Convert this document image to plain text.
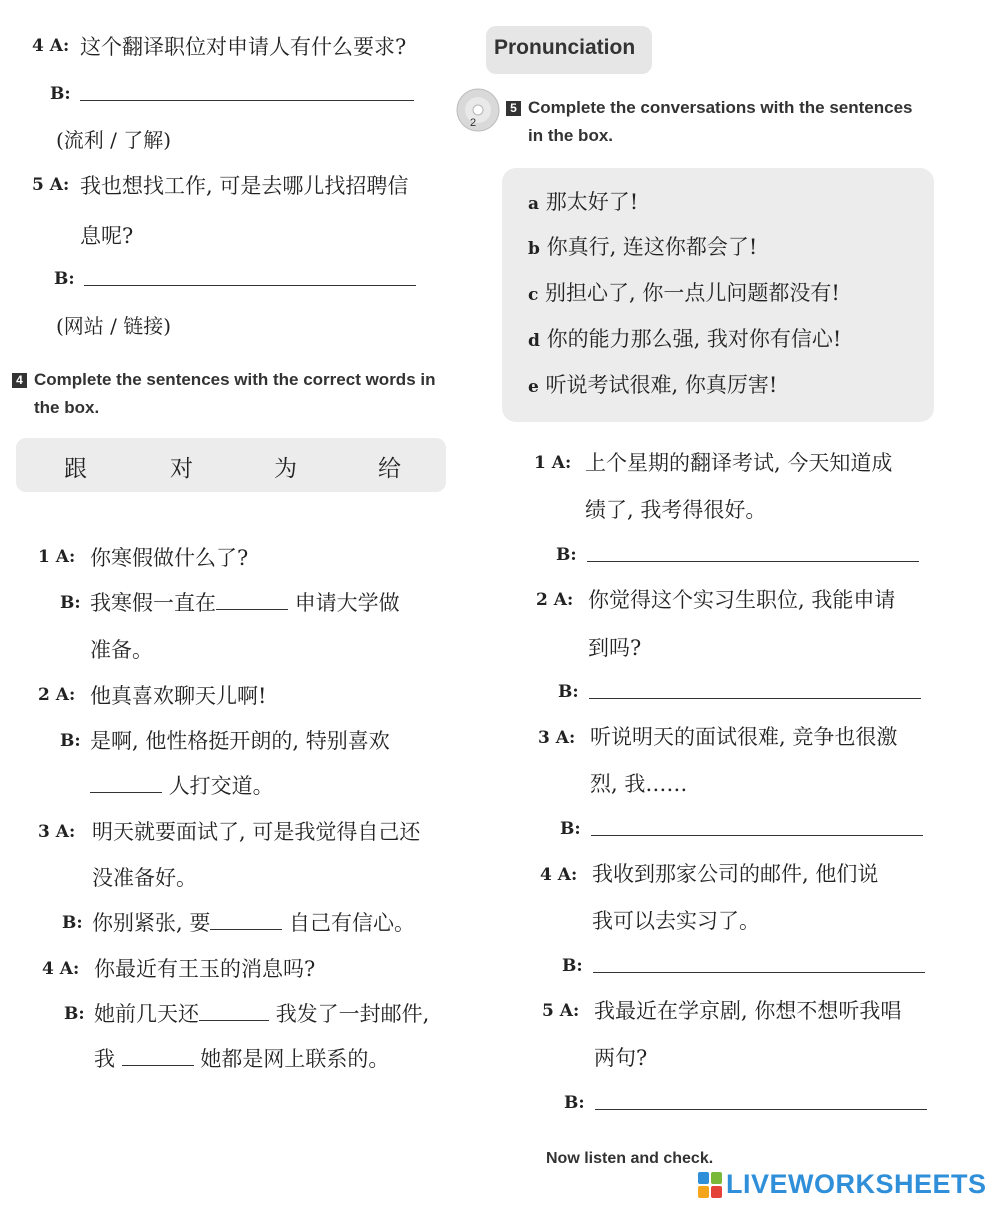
4 A: 这个翻译职位对申请人有什么要求?
B:
(流利 / 了解)
5 A: 我也想找工作, 可是去哪儿找招聘信
息呢?
B:
(网站 / 链接)
4 Complete the sentences with the correct words in
the box.
跟	对	为	给
1 A: 你寒假做什么了?
B: 我寒假一直在	申请大学做
准备。
2 A: 他真喜欢聊天儿啊!
B: 是啊, 他性格挺开朗的, 特别喜欢
人打交道。
3 A: 明天就要面试了, 可是我觉得自己还
没准备好。
B: 你别紧张, 要	自己有信心。
4 A: 你最近有王玉的消息吗?
B: 她前几天还	我发了一封邮件,
我	她都是网上联系的。
Pronunciation
2
5 Complete the conversations with the sentences
in the box.
a 那太好了!
b 你真行, 连这你都会了!
c 别担心了, 你一点儿问题都没有!
d 你的能力那么强, 我对你有信心!
e 听说考试很难, 你真厉害!
1 A: 上个星期的翻译考试, 今天知道成
绩了, 我考得很好。
B:
2 A: 你觉得这个实习生职位, 我能申请
到吗?
B:
3 A: 听说明天的面试很难, 竞争也很激
烈, 我……
B:
4 A: 我收到那家公司的邮件, 他们说
我可以去实习了。
B:
5 A: 我最近在学京剧, 你想不想听我唱
两句?
B:
Now listen and check.
LIVEWORKSHEETS
